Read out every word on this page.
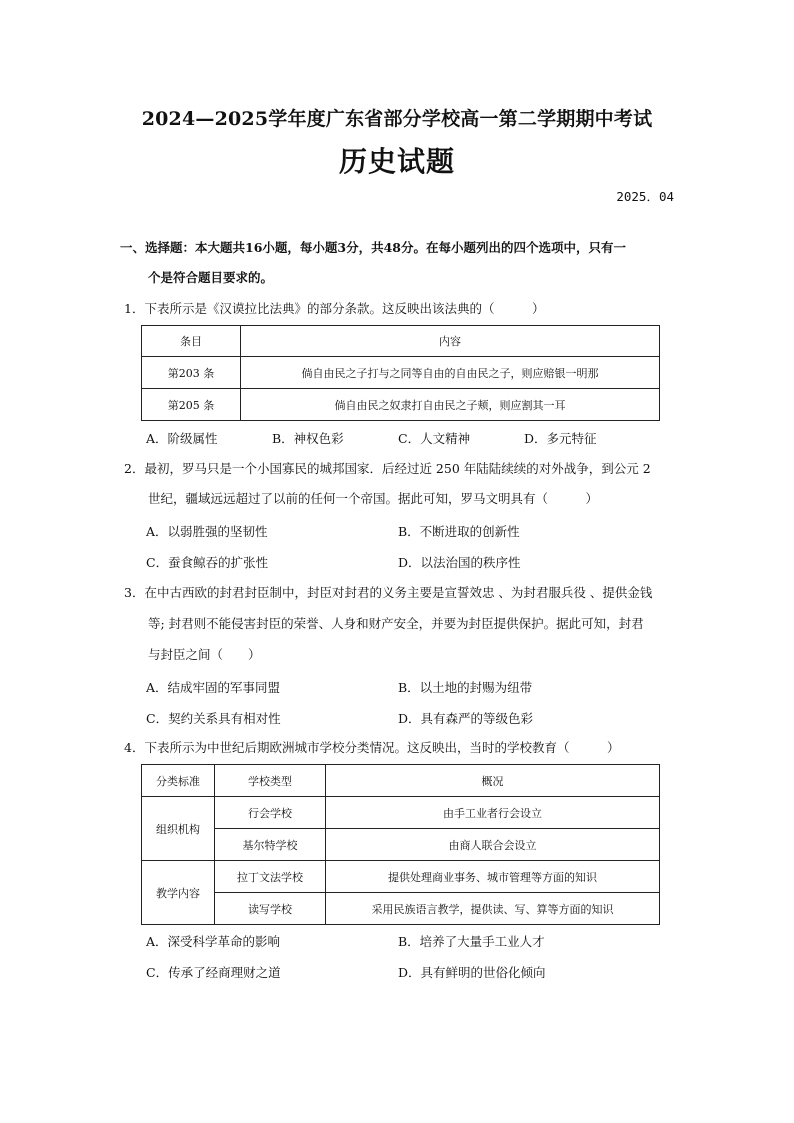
2024—2025学年度广东省部分学校高一第二学期期中考试
历史试题
2025．04
一、选择题：本大题共16小题，每小题3分，共48分。在每小题列出的四个选项中，只有一
个是符合题目要求的。
1．下表所示是《汉谟拉比法典》的部分条款。这反映出该法典的（　　　）
条目	内容
第203 条	倘自由民之子打与之同等自由的自由民之子，则应赔银一明那
第205 条	倘自由民之奴隶打自由民之子颊，则应割其一耳
A．阶级属性	B．神权色彩	C．人文精神	D．多元特征
2．最初，罗马只是一个小国寡民的城邦国家．后经过近 250 年陆陆续续的对外战争，到公元 2
世纪，疆域远远超过了以前的任何一个帝国。据此可知，罗马文明具有（　　　）
A．以弱胜强的坚韧性	B．不断进取的创新性
C．蚕食鲸吞的扩张性	D．以法治国的秩序性
3．在中古西欧的封君封臣制中，封臣对封君的义务主要是宣誓效忠 、为封君服兵役 、提供金钱
等; 封君则不能侵害封臣的荣誉、人身和财产安全，并要为封臣提供保护。据此可知，封君
与封臣之间（　　）
A．结成牢固的军事同盟	B．以土地的封赐为纽带
C．契约关系具有相对性	D．具有森严的等级色彩
4．下表所示为中世纪后期欧洲城市学校分类情况。这反映出，当时的学校教育（　　　）
分类标准	学校类型	概况
组织机构	行会学校	由手工业者行会设立
	基尔特学校	由商人联合会设立
教学内容	拉丁文法学校	提供处理商业事务、城市管理等方面的知识
	读写学校	采用民族语言教学，提供读、写、算等方面的知识
A．深受科学革命的影响	B．培养了大量手工业人才
C．传承了经商理财之道	D．具有鲜明的世俗化倾向
